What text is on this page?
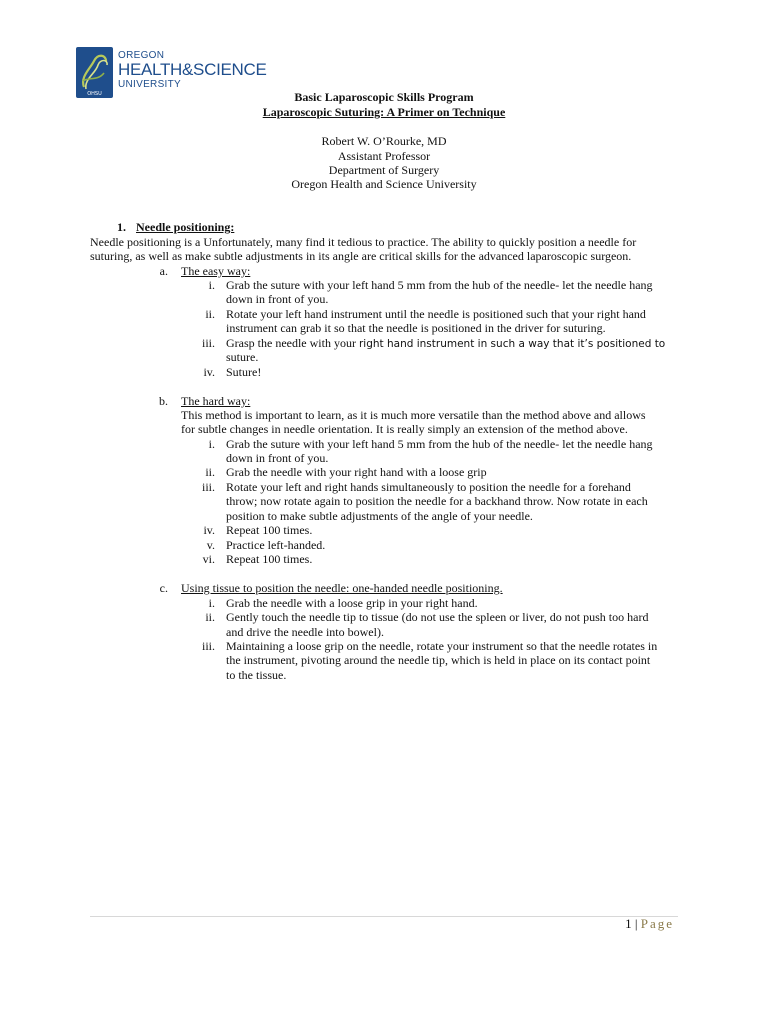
OHSU
OREGON
HEALTH&SCIENCE
UNIVERSITY
Basic Laparoscopic Skills Program
Laparoscopic Suturing: A Primer on Technique
Robert W. O’Rourke, MD
Assistant Professor
Department of Surgery
Oregon Health and Science University
1. Needle positioning:
Needle positioning is a Unfortunately, many find it tedious to practice. The ability to quickly position a needle for
suturing, as well as make subtle adjustments in its angle are critical skills for the advanced laparoscopic surgeon.
a. The easy way:
i. Grab the suture with your left hand 5 mm from the hub of the needle- let the needle hang
down in front of you.
ii. Rotate your left hand instrument until the needle is positioned such that your right hand
instrument can grab it so that the needle is positioned in the driver for suturing.
iii. Grasp the needle with your right hand instrument in such a way that it’s positioned to
suture.
iv. Suture!
b. The hard way:
This method is important to learn, as it is much more versatile than the method above and allows
for subtle changes in needle orientation. It is really simply an extension of the method above.
i. Grab the suture with your left hand 5 mm from the hub of the needle- let the needle hang
down in front of you.
ii. Grab the needle with your right hand with a loose grip
iii. Rotate your left and right hands simultaneously to position the needle for a forehand
throw; now rotate again to position the needle for a backhand throw. Now rotate in each
position to make subtle adjustments of the angle of your needle.
iv. Repeat 100 times.
v. Practice left-handed.
vi. Repeat 100 times.
c. Using tissue to position the needle: one-handed needle positioning.
i. Grab the needle with a loose grip in your right hand.
ii. Gently touch the needle tip to tissue (do not use the spleen or liver, do not push too hard
and drive the needle into bowel).
iii. Maintaining a loose grip on the needle, rotate your instrument so that the needle rotates in
the instrument, pivoting around the needle tip, which is held in place on its contact point
to the tissue.
1 | Page
